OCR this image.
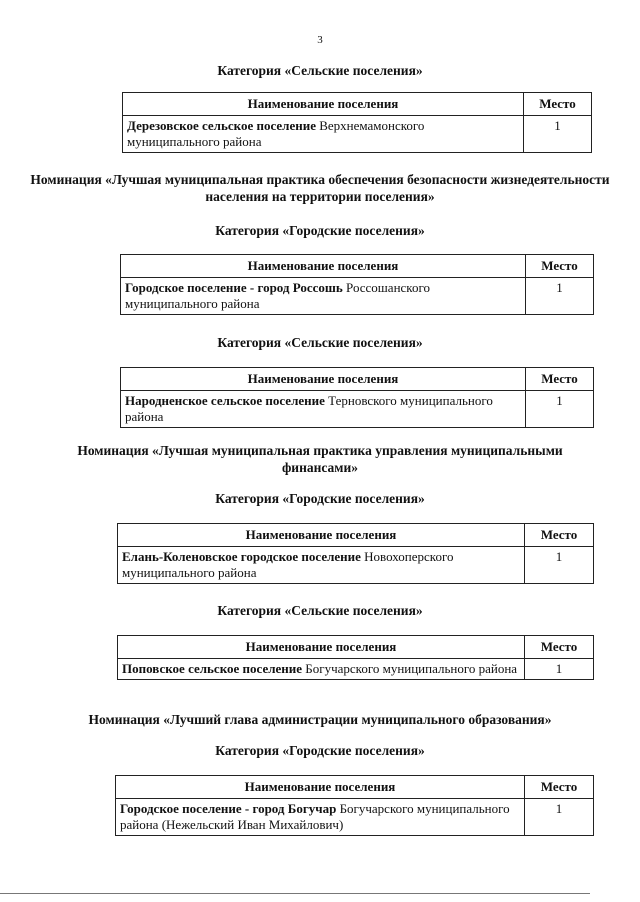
3
Категория «Сельские поселения»
Наименование поселения	Место
Дерезовское сельское поселение Верхнемамонского муниципального района	1
Номинация «Лучшая муниципальная практика обеспечения безопасности жизнедеятельности населения на территории поселения»
Категория «Городские поселения»
Наименование поселения	Место
Городское поселение - город Россошь Россошанского муниципального района	1
Категория «Сельские поселения»
Наименование поселения	Место
Народненское сельское поселение Терновского муниципального района	1
Номинация «Лучшая муниципальная практика управления муниципальными финансами»
Категория «Городские поселения»
Наименование поселения	Место
Елань-Коленовское городское поселение Новохоперского муниципального района	1
Категория «Сельские поселения»
Наименование поселения	Место
Поповское сельское поселение Богучарского муниципального района	1
Номинация «Лучший глава администрации муниципального образования»
Категория «Городские поселения»
Наименование поселения	Место
Городское поселение - город Богучар Богучарского муниципального района (Нежельский Иван Михайлович)	1
